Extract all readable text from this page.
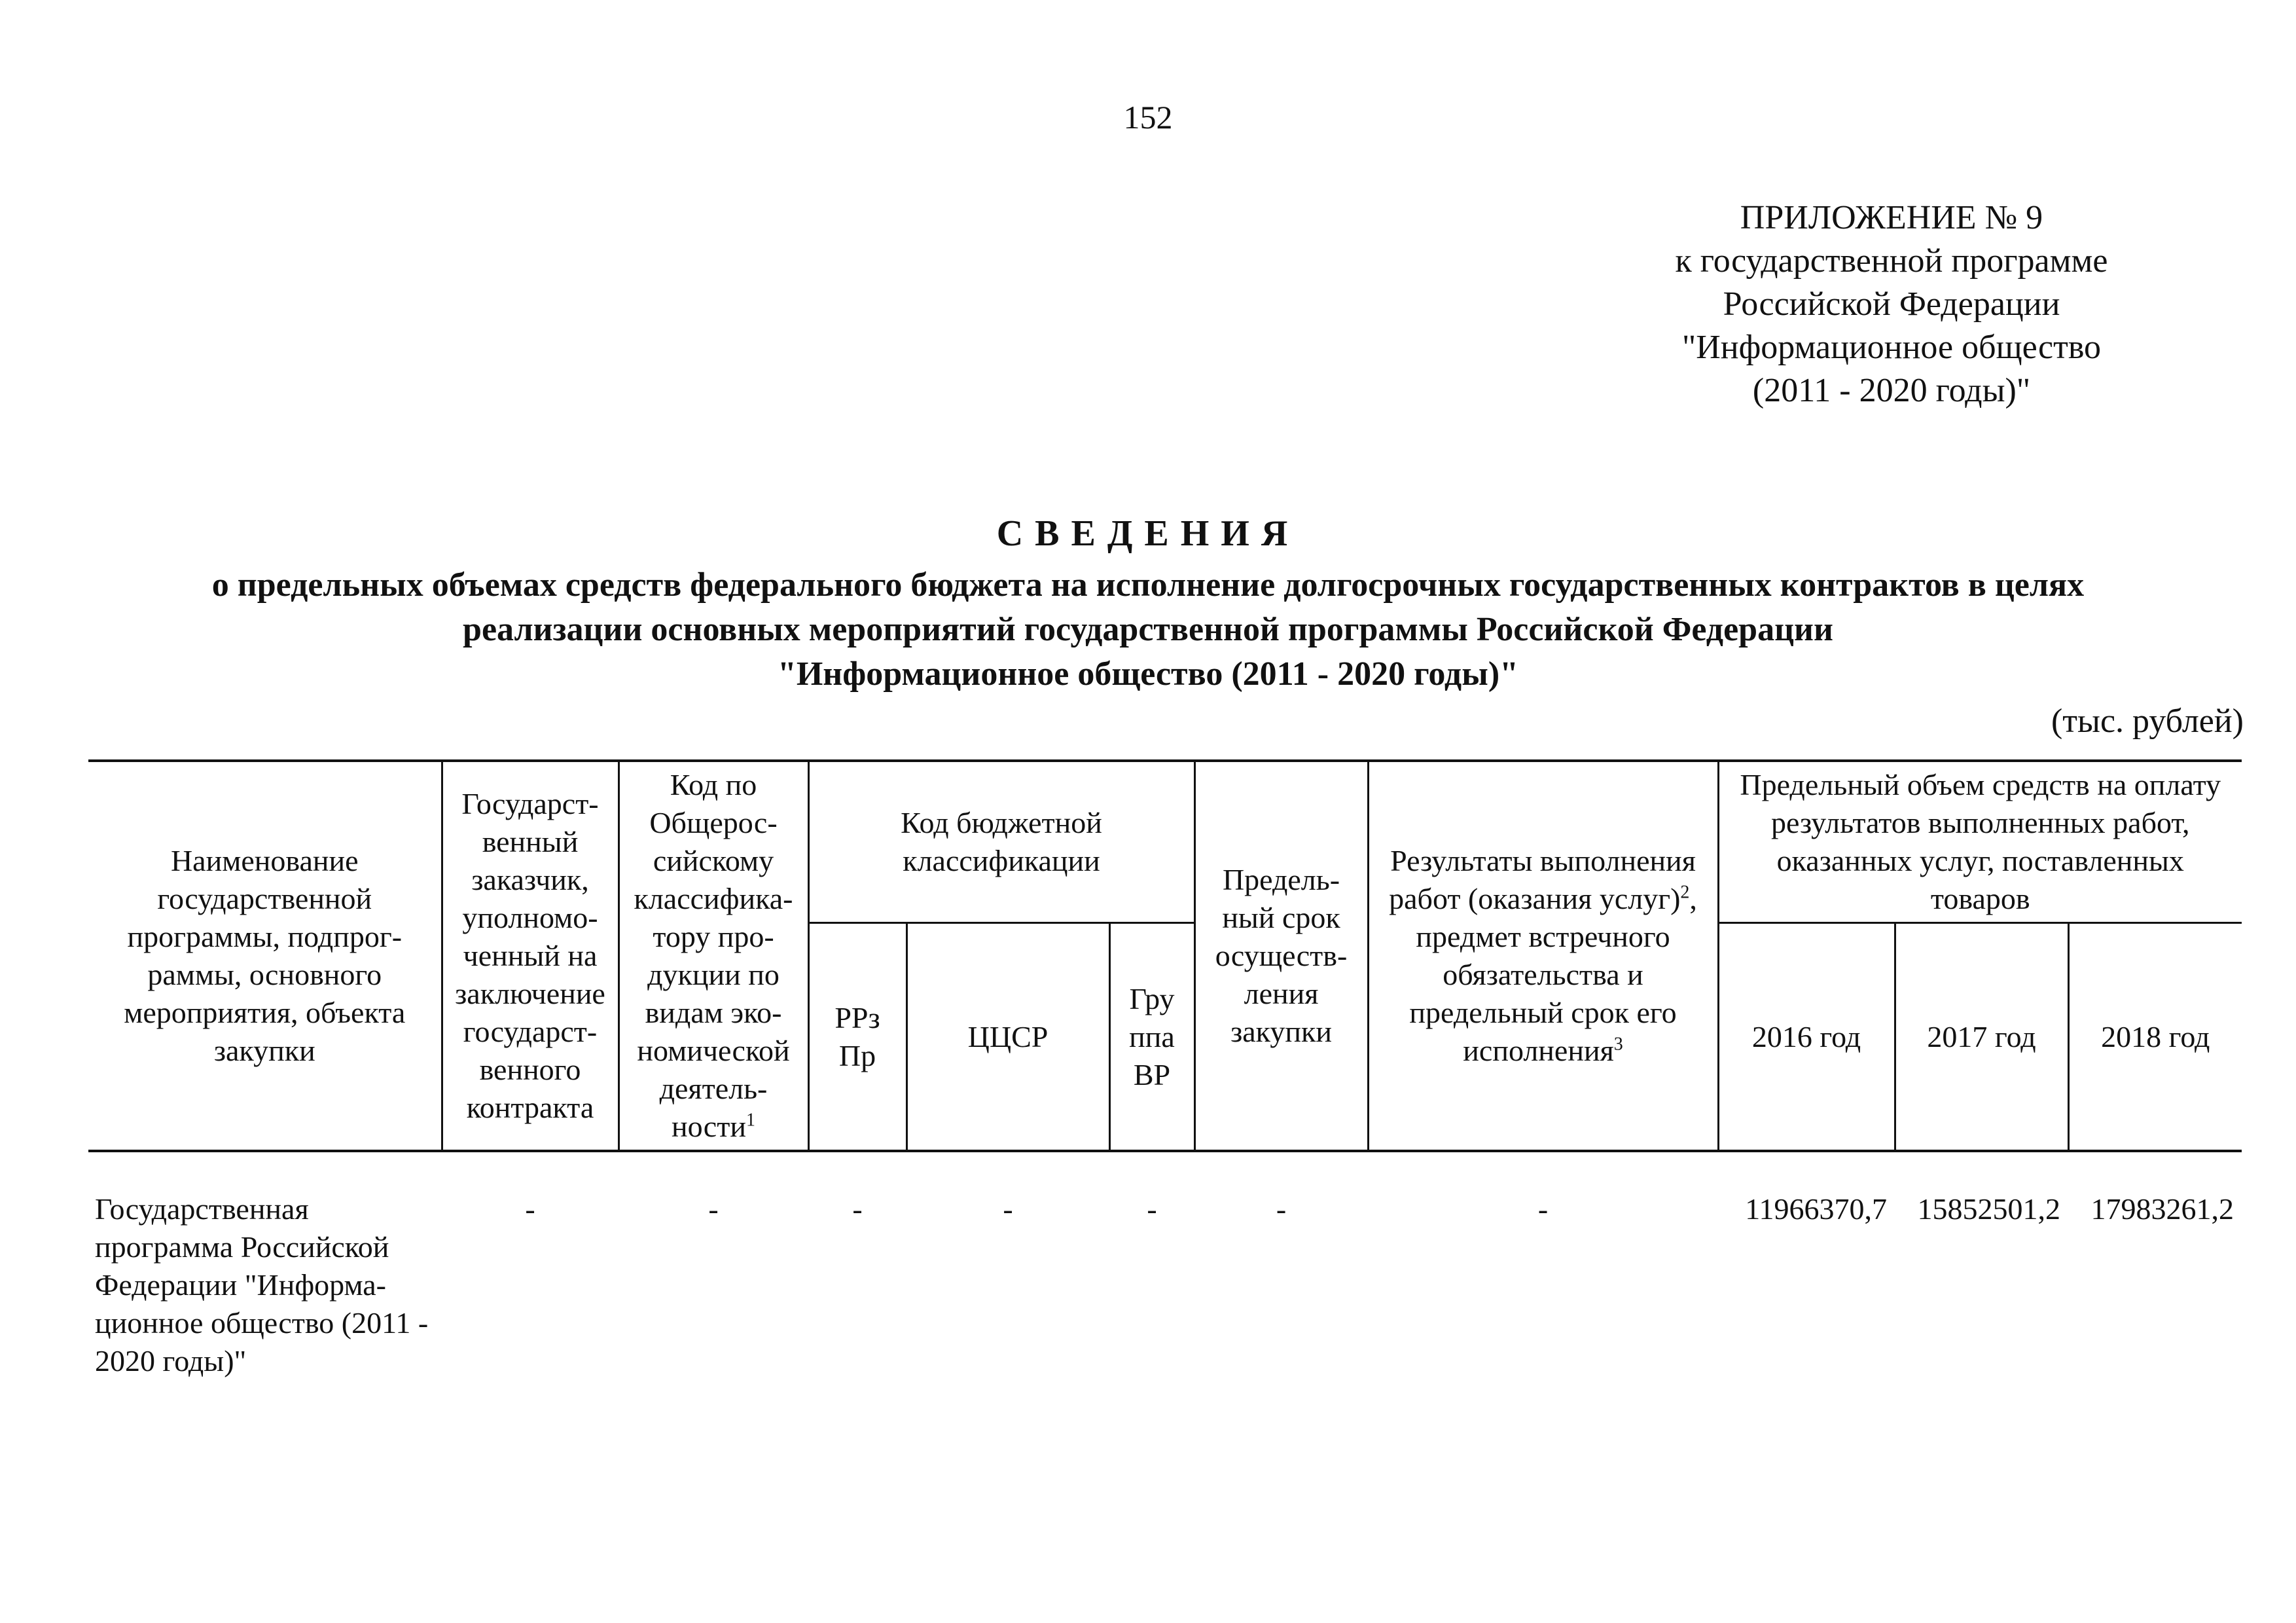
152
ПРИЛОЖЕНИЕ № 9
к государственной программе
Российской Федерации
"Информационное общество
(2011 - 2020 годы)"
СВЕДЕНИЯ
о предельных объемах средств федерального бюджета на исполнение долгосрочных государственных контрактов в целях
реализации основных мероприятий государственной программы Российской Федерации
"Информационное общество (2011 - 2020 годы)"
(тыс. рублей)
Наименование государственной программы, подпрог-раммы, основного мероприятия, объекта закупки	Государст-венный заказчик, уполномо-ченный на заключение государст-венного контракта	Код по Общерос-сийскому классифика-тору про-дукции по видам эко-номической деятель-ности$^1$	Код бюджетной классификации			Предель-ный срок осуществ-ления закупки	Результаты выполнения работ (оказания услуг)$^2$, предмет встречного обязательства и предельный срок его исполнения$^3$	Предельный объем средств на оплату результатов выполненных работ, оказанных услуг, поставленных товаров		
			РРз Пр	ЦЦСР	Гру ппа ВР			2016 год	2017 год	2018 год
Государственная программа Российской Федерации "Информа-ционное общество (2011 - 2020 годы)"	-	-	-	-	-	-	-	11966370,7	15852501,2	17983261,2
